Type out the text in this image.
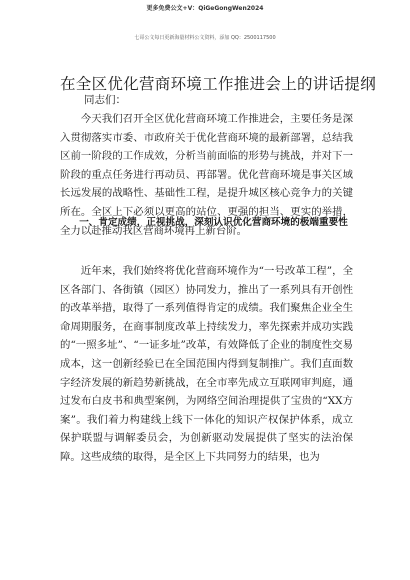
更多免费公文+V：QiGeGongWen2024
七哥公文每日更新海量材料公文资料，添加 QQ：2500117500
在全区优化营商环境工作推进会上的讲话提纲
同志们：

今天我们召开全区优化营商环境工作推进会，主要任务是深入贯彻落实市委、市政府关于优化营商环境的最新部署，总结我区前一阶段的工作成效，分析当前面临的形势与挑战，并对下一阶段的重点任务进行再动员、再部署。优化营商环境是事关区域长远发展的战略性、基础性工程，是提升城区核心竞争力的关键所在。全区上下必须以更高的站位、更强的担当、更实的举措，全力以赴推动我区营商环境再上新台阶。

一、肯定成绩，正视挑战，深刻认识优化营商环境的极端重要性

近年来，我们始终将优化营商环境作为“一号改革工程”，全区各部门、各街镇（园区）协同发力，推出了一系列具有开创性的改革举措，取得了一系列值得肯定的成绩。我们聚焦企业全生命周期服务，在商事制度改革上持续发力，率先探索并成功实践的“一照多址”、“一证多址”改革，有效降低了企业的制度性交易成本，这一创新经验已在全国范围内得到复制推广。我们直面数字经济发展的新趋势新挑战，在全市率先成立互联网审判庭，通过发布白皮书和典型案例，为网络空间治理提供了宝贵的“XX方案”。我们着力构建线上线下一体化的知识产权保护体系，成立保护联盟与调解委员会，为创新驱动发展提供了坚实的法治保障。这些成绩的取得，是全区上下共同努力的结果，也为
